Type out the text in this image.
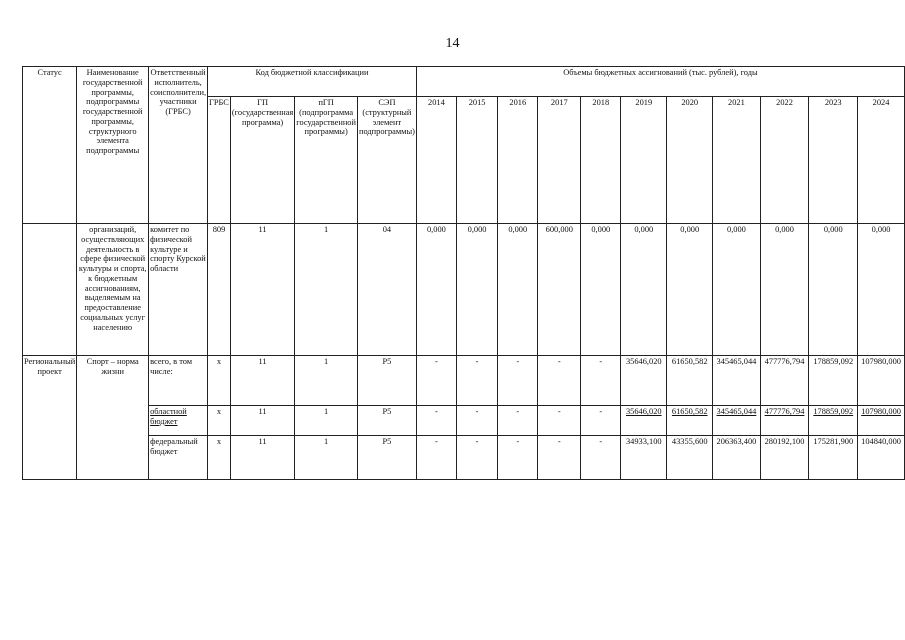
14
Статус	Наименование государственной программы, подпрограммы государственной программы, структурного элемента подпрограммы	Ответственный исполнитель, соисполнители, участники (ГРБС)	Код бюджетной классификации				Объемы бюджетных ассигнований (тыс. рублей), годы										
			ГРБС	ГП (государственная программа)	пГП (подпрограмма государственной программы)	СЭП (структурный элемент подпрограммы)	2014	2015	2016	2017	2018	2019	2020	2021	2022	2023	2024
	организаций, осуществляющих деятельность в сфере физической культуры и спорта, к бюджетным ассигнованиям, выделяемым на предоставление социальных услуг населению	комитет по физической культуре и спорту Курской области	809	11	1	04	0,000	0,000	0,000	600,000	0,000	0,000	0,000	0,000	0,000	0,000	0,000
Региональный проект	Спорт – норма жизни	всего, в том числе:	x	11	1	P5	-	-	-	-	-	35646,020	61650,582	345465,044	477776,794	178859,092	107980,000
		областной бюджет	x	11	1	P5	-	-	-	-	-	35646,020	61650,582	345465,044	477776,794	178859,092	107980,000
		федеральный бюджет	x	11	1	P5	-	-	-	-	-	34933,100	43355,600	206363,400	280192,100	175281,900	104840,000
